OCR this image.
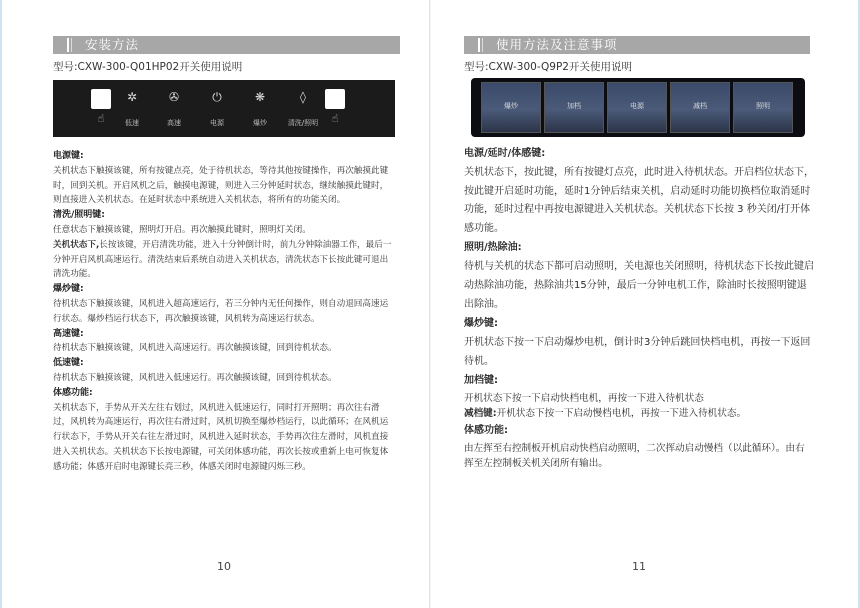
安装方法
型号:CXW-300-Q01HP02开关使用说明
☝
✲
低速
✇
高速
⏻
电源
❋
爆炒
◊
清洗/照明	☝
电源键:

关机状态下触摸该键，所有按键点亮，处于待机状态，等待其他按键操作，再次触摸此键时，回到关机。开启风机之后，触摸电源键，则进入三分钟延时状态，继续触摸此键时，则直接进入关机状态。在延时状态中系统进入关机状态，将所有的功能关闭。

清洗/照明键:

任意状态下触摸该键，照明灯开启。再次触摸此键时，照明灯关闭。

关机状态下,长按该键，开启清洗功能，进入十分钟倒计时，前九分钟除油器工作，最后一分钟开启风机高速运行。清洗结束后系统自动进入关机状态，清洗状态下长按此键可退出清洗功能。

爆炒键:

待机状态下触摸该键，风机进入超高速运行，若三分钟内无任何操作，则自动退回高速运行状态。爆炒档运行状态下，再次触摸该键，风机转为高速运行状态。

高速键:

待机状态下触摸该键，风机进入高速运行。再次触摸该键，回到待机状态。

低速键:

待机状态下触摸该键，风机进入低速运行。再次触摸该键，回到待机状态。

体感功能:

关机状态下，手势从开关左往右划过，风机进入低速运行，同时打开照明；再次往右滑过，风机转为高速运行，再次往右滑过时，风机切换至爆炒档运行，以此循环；在风机运行状态下，手势从开关右往左滑过时，风机进入延时状态，手势再次往左滑时，风机直接进入关机状态。关机状态下长按电源键，可关闭体感功能，再次长按或重新上电可恢复体感功能；体感开启时电源键长亮三秒，体感关闭时电源键闪烁三秒。

10
使用方法及注意事项
型号:CXW-300-Q9P2开关使用说明
爆炒	加档	电源	减档	照明
电源/延时/体感键:

关机状态下，按此键，所有按键灯点亮，此时进入待机状态。开启档位状态下，按此键开启延时功能，延时1分钟后结束关机，启动延时功能切换档位取消延时功能，延时过程中再按电源键进入关机状态。关机状态下长按 3 秒关闭/打开体感功能。

照明/热除油:

待机与关机的状态下都可启动照明，关电源也关闭照明，待机状态下长按此键启动热除油功能，热除油共15分钟，最后一分钟电机工作，除油时长按照明键退出除油。

爆炒键:

开机状态下按一下启动爆炒电机，倒计时3分钟后跳回快档电机，再按一下返回待机。

加档键:

开机状态下按一下启动快档电机，再按一下进入待机状态

减档键:开机状态下按一下启动慢档电机，再按一下进入待机状态。

体感功能:

由左挥至右控制板开机启动快档启动照明，二次挥动启动慢档（以此循环）。由右挥至左控制板关机关闭所有输出。

11
